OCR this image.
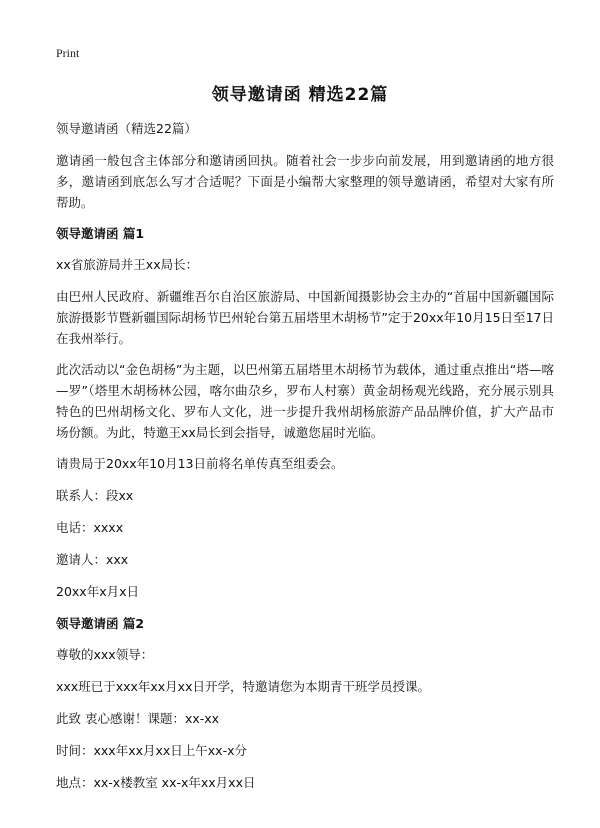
Print
领导邀请函 精选22篇

领导邀请函（精选22篇）

邀请函一般包含主体部分和邀请函回执。随着社会一步步向前发展，用到邀请函的地方很多，邀请函到底怎么写才合适呢？下面是小编帮大家整理的领导邀请函，希望对大家有所帮助。

领导邀请函 篇1

xx省旅游局并王xx局长：

由巴州人民政府、新疆维吾尔自治区旅游局、中国新闻摄影协会主办的“首届中国新疆国际旅游摄影节暨新疆国际胡杨节巴州轮台第五届塔里木胡杨节”定于20xx年10月15日至17日在我州举行。

此次活动以“金色胡杨”为主题，以巴州第五届塔里木胡杨节为载体，通过重点推出“塔—喀—罗”（塔里木胡杨林公园，喀尔曲尕乡，罗布人村寨）黄金胡杨观光线路，充分展示别具特色的巴州胡杨文化、罗布人文化，进一步提升我州胡杨旅游产品品牌价值，扩大产品市场份额。为此，特邀王xx局长到会指导，诚邀您届时光临。

请贵局于20xx年10月13日前将名单传真至组委会。

联系人：段xx

电话：xxxx

邀请人：xxx

20xx年x月x日

领导邀请函 篇2

尊敬的xxx领导：

xxx班已于xxx年xx月xx日开学，特邀请您为本期青干班学员授课。

此致 衷心感谢！课题：xx-xx

时间：xxx年xx月xx日上午xx-x分

地点：xx-x楼教室 xx-x年xx月xx日
